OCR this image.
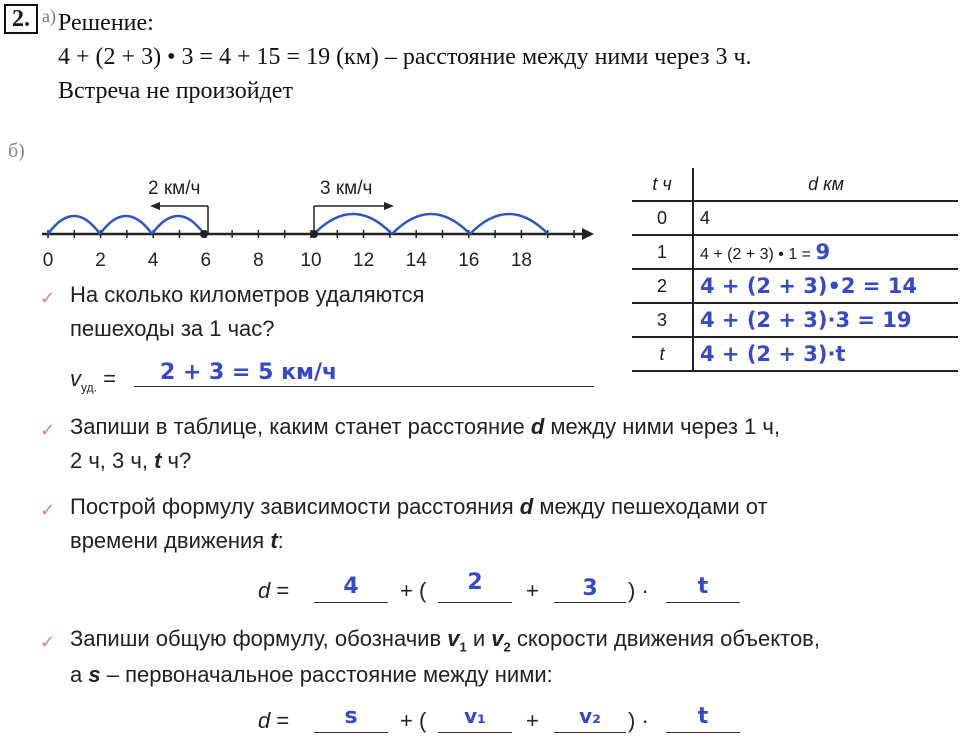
2. а) Решение:
4 + (2 + 3) • 3 = 4 + 15 = 19 (км) – расстояние между ними через 3 ч.
Встреча не произойдет
б)
2 км/ч	3 км/ч
0 2 4 6 8 10 12 14 16 18
t ч	d км
0	4
1	4 + (2 + 3) • 1 = 9
2	4 + (2 + 3)•2 = 14
3	4 + (2 + 3)·3 = 19
t	4 + (2 + 3)·t
✓ На сколько километров удаляются
пешеходы за 1 час?
$v_{уд.}$ =	2 + 3 = 5 км/ч
✓ Запиши в таблице, каким станет расстояние d между ними через 1 ч,
2 ч, 3 ч, t ч?
✓ Построй формулу зависимости расстояния d между пешеходами от
времени движения t:
d =	4	+ (	2	+	3	) ·	t
✓ Запиши общую формулу, обозначив $v_1$ и $v_2$ скорости движения объектов,
а s – первоначальное расстояние между ними:
d =	s	+ (	v₁	+	v₂	) ·	t
